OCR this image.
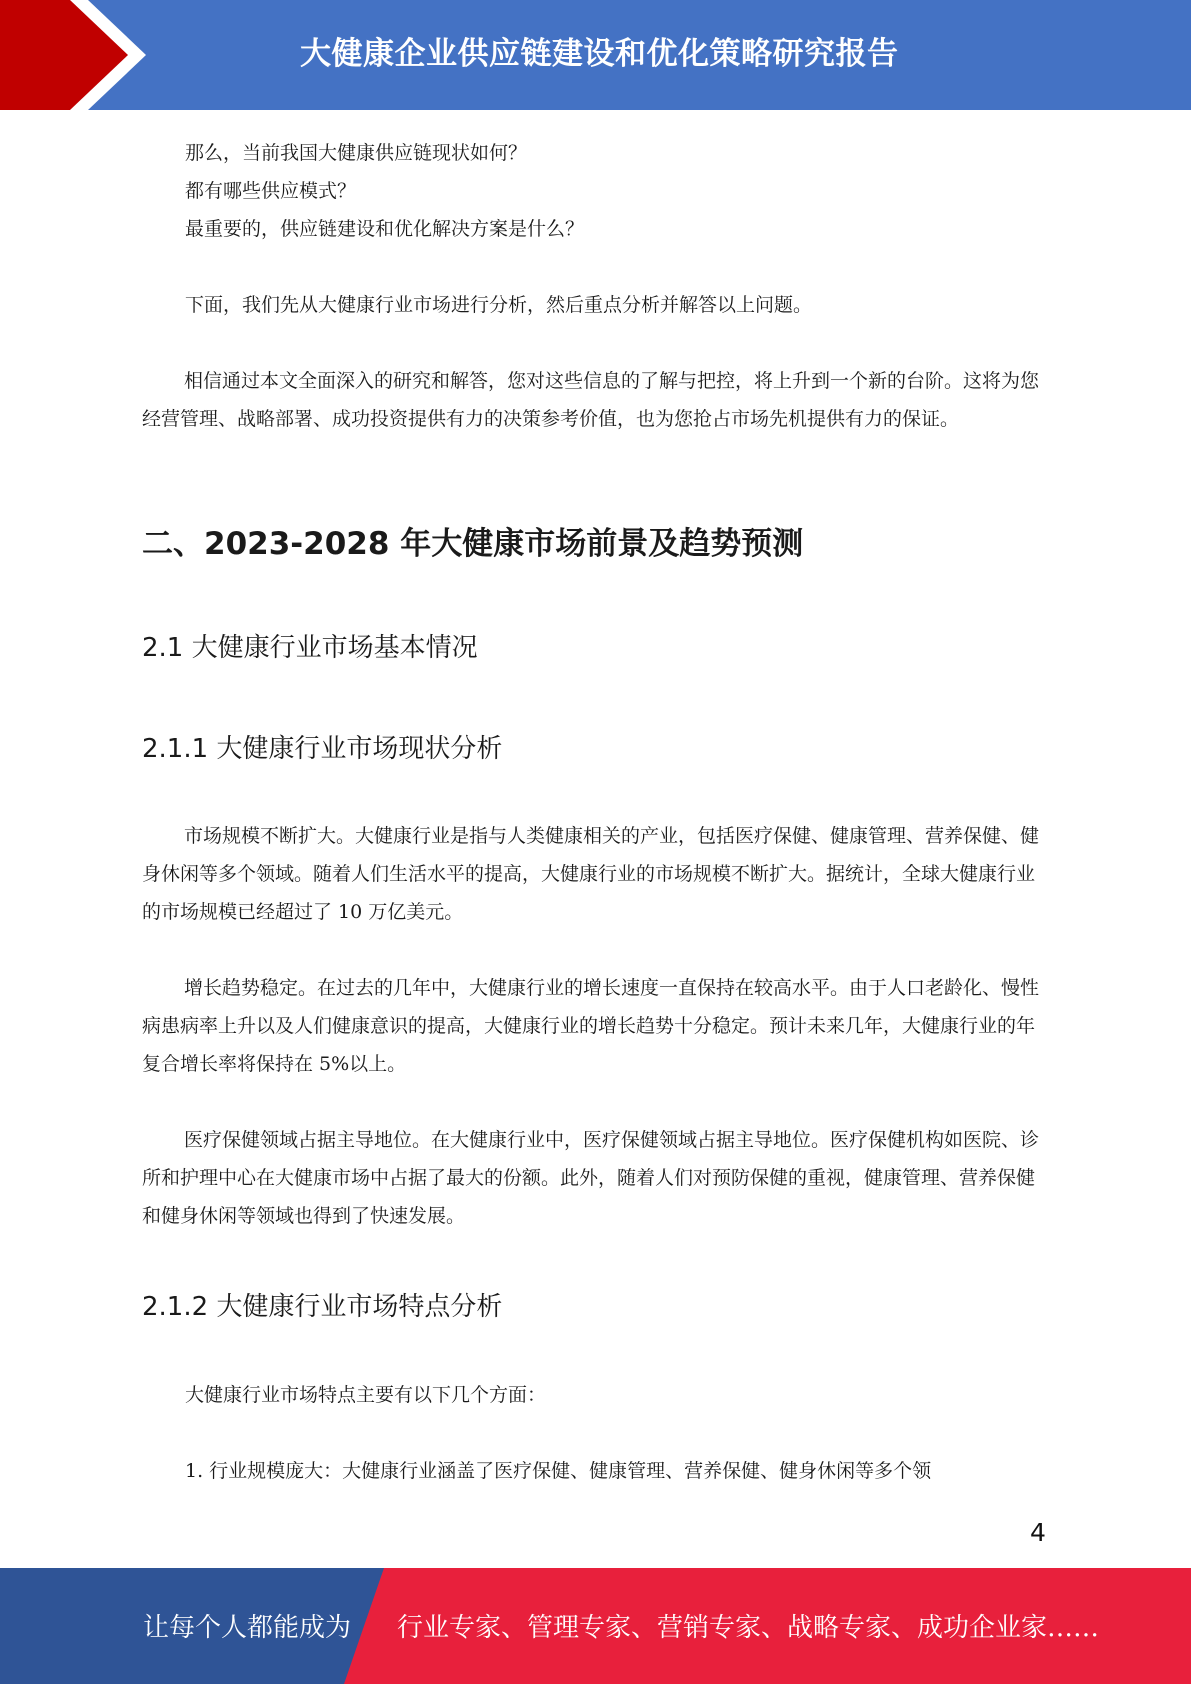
大健康企业供应链建设和优化策略研究报告

那么，当前我国大健康供应链现状如何？

都有哪些供应模式？

最重要的，供应链建设和优化解决方案是什么？

下面，我们先从大健康行业市场进行分析，然后重点分析并解答以上问题。

相信通过本文全面深入的研究和解答，您对这些信息的了解与把控，将上升到一个新的台阶。这将为您经营管理、战略部署、成功投资提供有力的决策参考价值，也为您抢占市场先机提供有力的保证。

二、2023-2028 年大健康市场前景及趋势预测
2.1 大健康行业市场基本情况
2.1.1 大健康行业市场现状分析

市场规模不断扩大。大健康行业是指与人类健康相关的产业，包括医疗保健、健康管理、营养保健、健身休闲等多个领域。随着人们生活水平的提高，大健康行业的市场规模不断扩大。据统计，全球大健康行业的市场规模已经超过了 10 万亿美元。

增长趋势稳定。在过去的几年中，大健康行业的增长速度一直保持在较高水平。由于人口老龄化、慢性病患病率上升以及人们健康意识的提高，大健康行业的增长趋势十分稳定。预计未来几年，大健康行业的年复合增长率将保持在 5%以上。

医疗保健领域占据主导地位。在大健康行业中，医疗保健领域占据主导地位。医疗保健机构如医院、诊所和护理中心在大健康市场中占据了最大的份额。此外，随着人们对预防保健的重视，健康管理、营养保健和健身休闲等领域也得到了快速发展。

2.1.2 大健康行业市场特点分析

大健康行业市场特点主要有以下几个方面：

1. 行业规模庞大：大健康行业涵盖了医疗保健、健康管理、营养保健、健身休闲等多个领

4
让每个人都能成为 行业专家、管理专家、营销专家、战略专家、成功企业家……
